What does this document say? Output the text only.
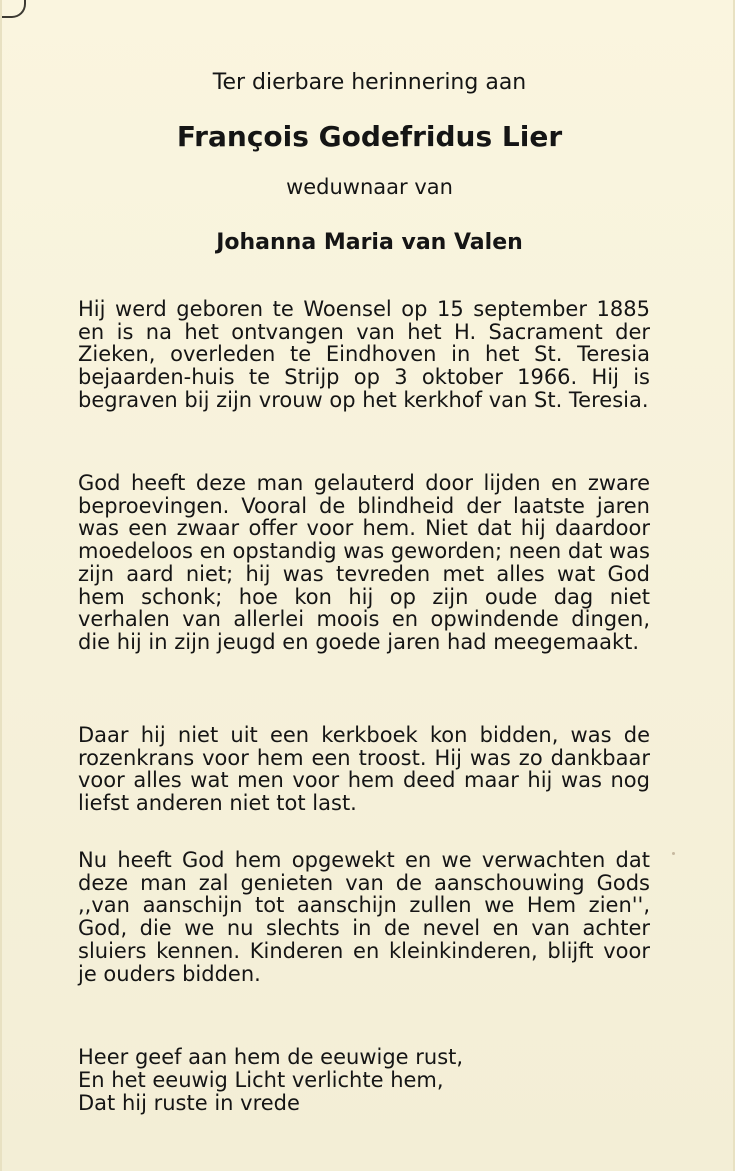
Ter dierbare herinnering aan
François Godefridus Lier
weduwnaar van
Johanna Maria van Valen
Hij werd geboren te Woensel op 15 september 1885 en is na het ontvangen van het H. Sacrament der Zieken, overleden te Eindhoven in het St. Teresia bejaarden-huis te Strijp op 3 oktober 1966. Hij is begraven bij zijn vrouw op het kerkhof van St. Teresia.
God heeft deze man gelauterd door lijden en zware beproevingen. Vooral de blindheid der laatste jaren was een zwaar offer voor hem. Niet dat hij daardoor moedeloos en opstandig was geworden; neen dat was zijn aard niet; hij was tevreden met alles wat God hem schonk; hoe kon hij op zijn oude dag niet verhalen van allerlei moois en opwindende dingen, die hij in zijn jeugd en goede jaren had meegemaakt.
Daar hij niet uit een kerkboek kon bidden, was de rozenkrans voor hem een troost. Hij was zo dankbaar voor alles wat men voor hem deed maar hij was nog liefst anderen niet tot last.
Nu heeft God hem opgewekt en we verwachten dat deze man zal genieten van de aanschouwing Gods ,,van aanschijn tot aanschijn zullen we Hem zien'', God, die we nu slechts in de nevel en van achter sluiers kennen. Kinderen en kleinkinderen, blijft voor je ouders bidden.
Heer geef aan hem de eeuwige rust,
En het eeuwig Licht verlichte hem,
Dat hij ruste in vrede
